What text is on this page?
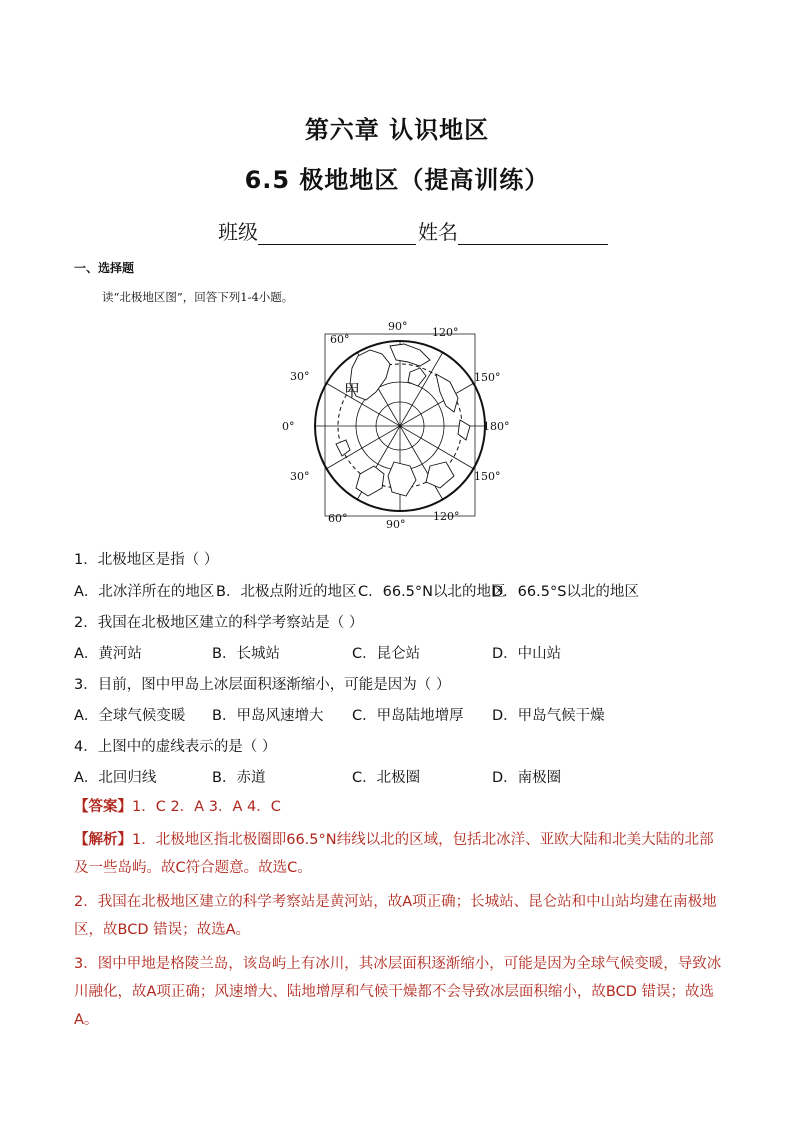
第六章 认识地区
6.5 极地地区（提高训练）
班级	姓名
一、选择题
读“北极地区图”，回答下列1-4小题。
90° 120°
60°
30°	150°
0°	180°
30°	150°
60°	120°
90°
甲
1．北极地区是指（ ）
A．北冰洋所在的地区 B．北极点附近的地区 C．66.5°N以北的地区
D．66.5°S以北的地区
2．我国在北极地区建立的科学考察站是（ ）
A．黄河站	B．长城站	C．昆仑站	D．中山站
3．目前，图中甲岛上冰层面积逐渐缩小，可能是因为（ ）
A．全球气候变暖 B．甲岛风速增大 C．甲岛陆地增厚 D．甲岛气候干燥
4．上图中的虚线表示的是（ ）
A．北回归线	B．赤道	C．北极圈	D．南极圈
【答案】1．C 2．A 3．A 4．C
【解析】1．北极地区指北极圈即66.5°N纬线以北的区域，包括北冰洋、亚欧大陆和北美大陆的北部及一些岛屿。故C符合题意。故选C。
2．我国在北极地区建立的科学考察站是黄河站，故A项正确；长城站、昆仑站和中山站均建在南极地区，故BCD 错误；故选A。
3．图中甲地是格陵兰岛，该岛屿上有冰川，其冰层面积逐渐缩小，可能是因为全球气候变暖，导致冰川融化，故A项正确；风速增大、陆地增厚和气候干燥都不会导致冰层面积缩小，故BCD 错误；故选A。
